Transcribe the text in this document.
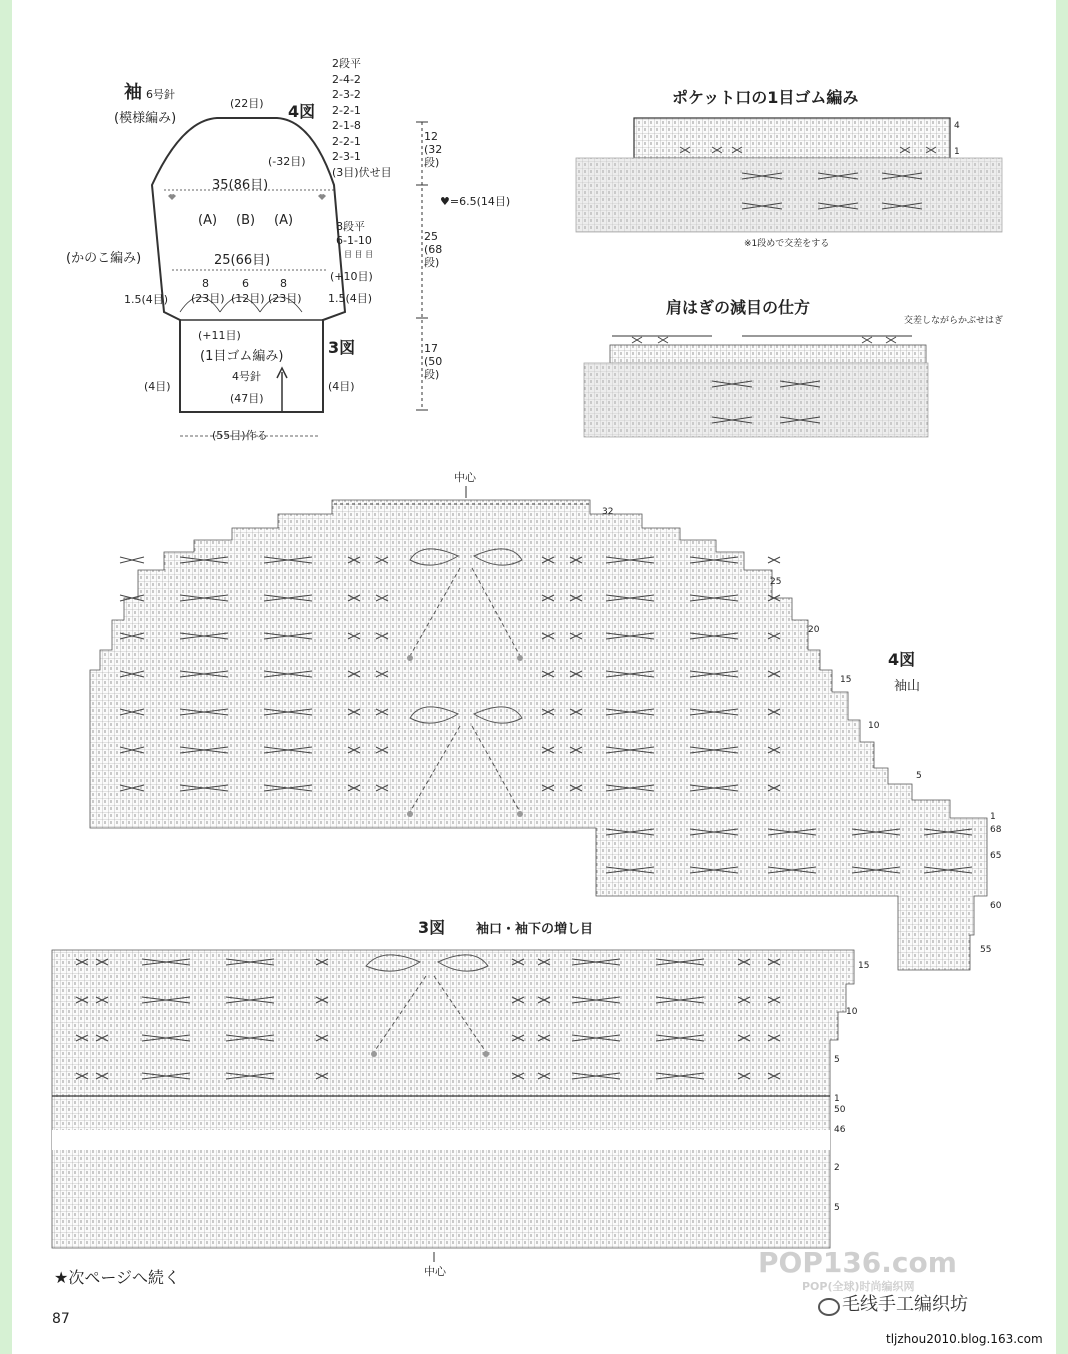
袖 6号針
(模様編み)
(22目) 4図
2段平
2-4-2
2-3-2
2-2-1
2-1-8
2-2-1
2-3-1
(3目)伏せ目
(-32目)
35(86目)
(A) (B) (A)	8段平
6-1-10
目 目 目
(かのこ編み)	25(66目)
8
(23目)
6
(12目)
8
(23目)
(+10目)
1.5(4目)	1.5(4目)
(+11目)
(1目ゴム編み)
4号針
3図
(4目)	(4目)
(47目)
(55目)作る
12
(32
段)
♥=6.5(14目)
25
(68
段)
17
(50
段)
ポケット口の1目ゴム編み
4
1
※1段めで交差をする
肩はぎの減目の仕方
交差しながらかぶせはぎ
中心
4図
袖山
32
25
20
15
10
5
1
68
65
60
55
3図 袖口・袖下の増し目
中心
15
10
5
1
50
46
2
5
★次ページへ続く
87
POP136.com
POP(全球)时尚编织网
毛线手工编织坊
tljzhou2010.blog.163.com
